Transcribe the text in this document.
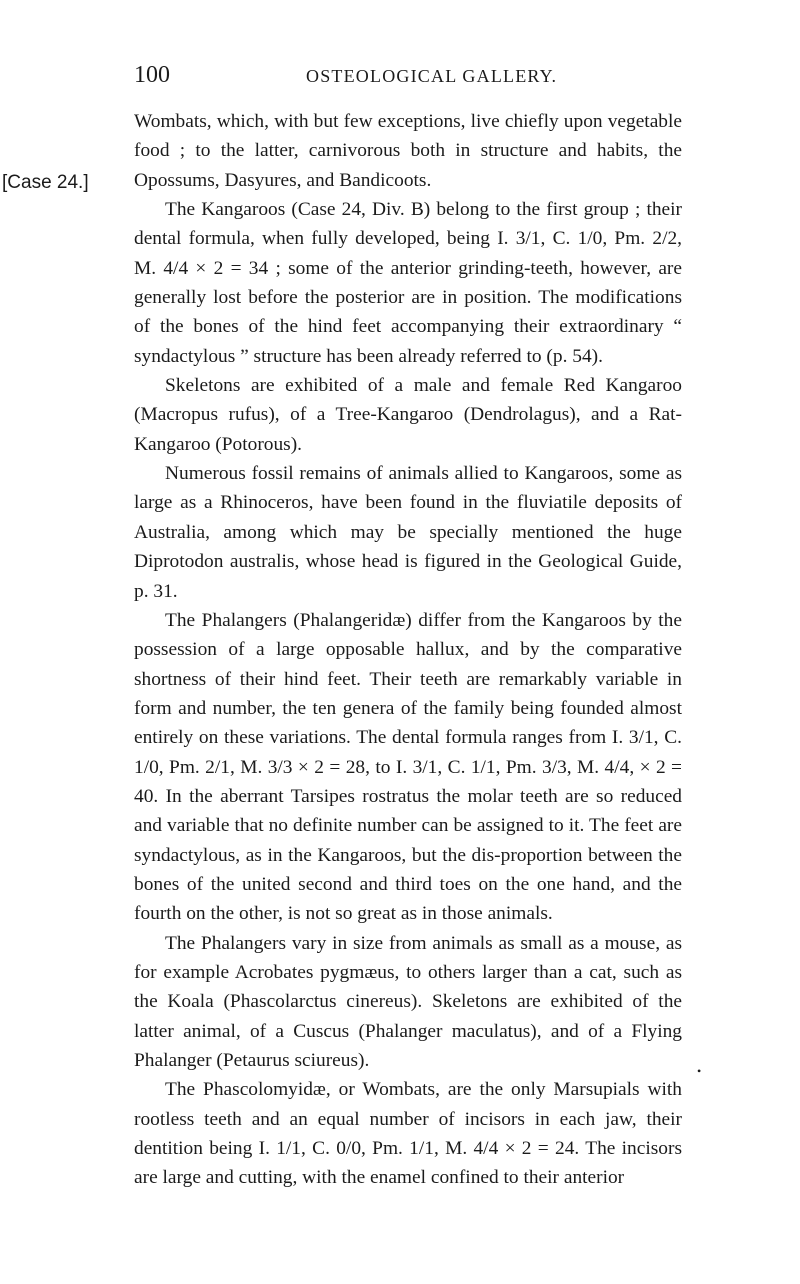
100	OSTEOLOGICAL GALLERY.
[Case 24.]

Wombats, which, with but few exceptions, live chiefly upon vegetable food ; to the latter, carnivorous both in structure and habits, the Opossums, Dasyures, and Bandicoots.

The Kangaroos (Case 24, Div. B) belong to the first group ; their dental formula, when fully developed, being I. 3/1, C. 1/0, Pm. 2/2, M. 4/4 × 2 = 34 ; some of the anterior grinding-teeth, however, are generally lost before the posterior are in position. The modifications of the bones of the hind feet accompanying their extraordinary “ syndactylous ” structure has been already referred to (p. 54).

Skeletons are exhibited of a male and female Red Kangaroo (Macropus rufus), of a Tree-Kangaroo (Dendrolagus), and a Rat-Kangaroo (Potorous).

Numerous fossil remains of animals allied to Kangaroos, some as large as a Rhinoceros, have been found in the fluviatile deposits of Australia, among which may be specially mentioned the huge Diprotodon australis, whose head is figured in the Geological Guide, p. 31.

The Phalangers (Phalangeridæ) differ from the Kangaroos by the possession of a large opposable hallux, and by the comparative shortness of their hind feet. Their teeth are remarkably variable in form and number, the ten genera of the family being founded almost entirely on these variations. The dental formula ranges from I. 3/1, C. 1/0, Pm. 2/1, M. 3/3 × 2 = 28, to I. 3/1, C. 1/1, Pm. 3/3, M. 4/4, × 2 = 40. In the aberrant Tarsipes rostratus the molar teeth are so reduced and variable that no definite number can be assigned to it. The feet are syndactylous, as in the Kangaroos, but the dis-proportion between the bones of the united second and third toes on the one hand, and the fourth on the other, is not so great as in those animals.

The Phalangers vary in size from animals as small as a mouse, as for example Acrobates pygmæus, to others larger than a cat, such as the Koala (Phascolarctus cinereus). Skeletons are exhibited of the latter animal, of a Cuscus (Phalanger maculatus), and of a Flying Phalanger (Petaurus sciureus).

The Phascolomyidæ, or Wombats, are the only Marsupials with rootless teeth and an equal number of incisors in each jaw, their dentition being I. 1/1, C. 0/0, Pm. 1/1, M. 4/4 × 2 = 24. The incisors are large and cutting, with the enamel confined to their anterior

•
